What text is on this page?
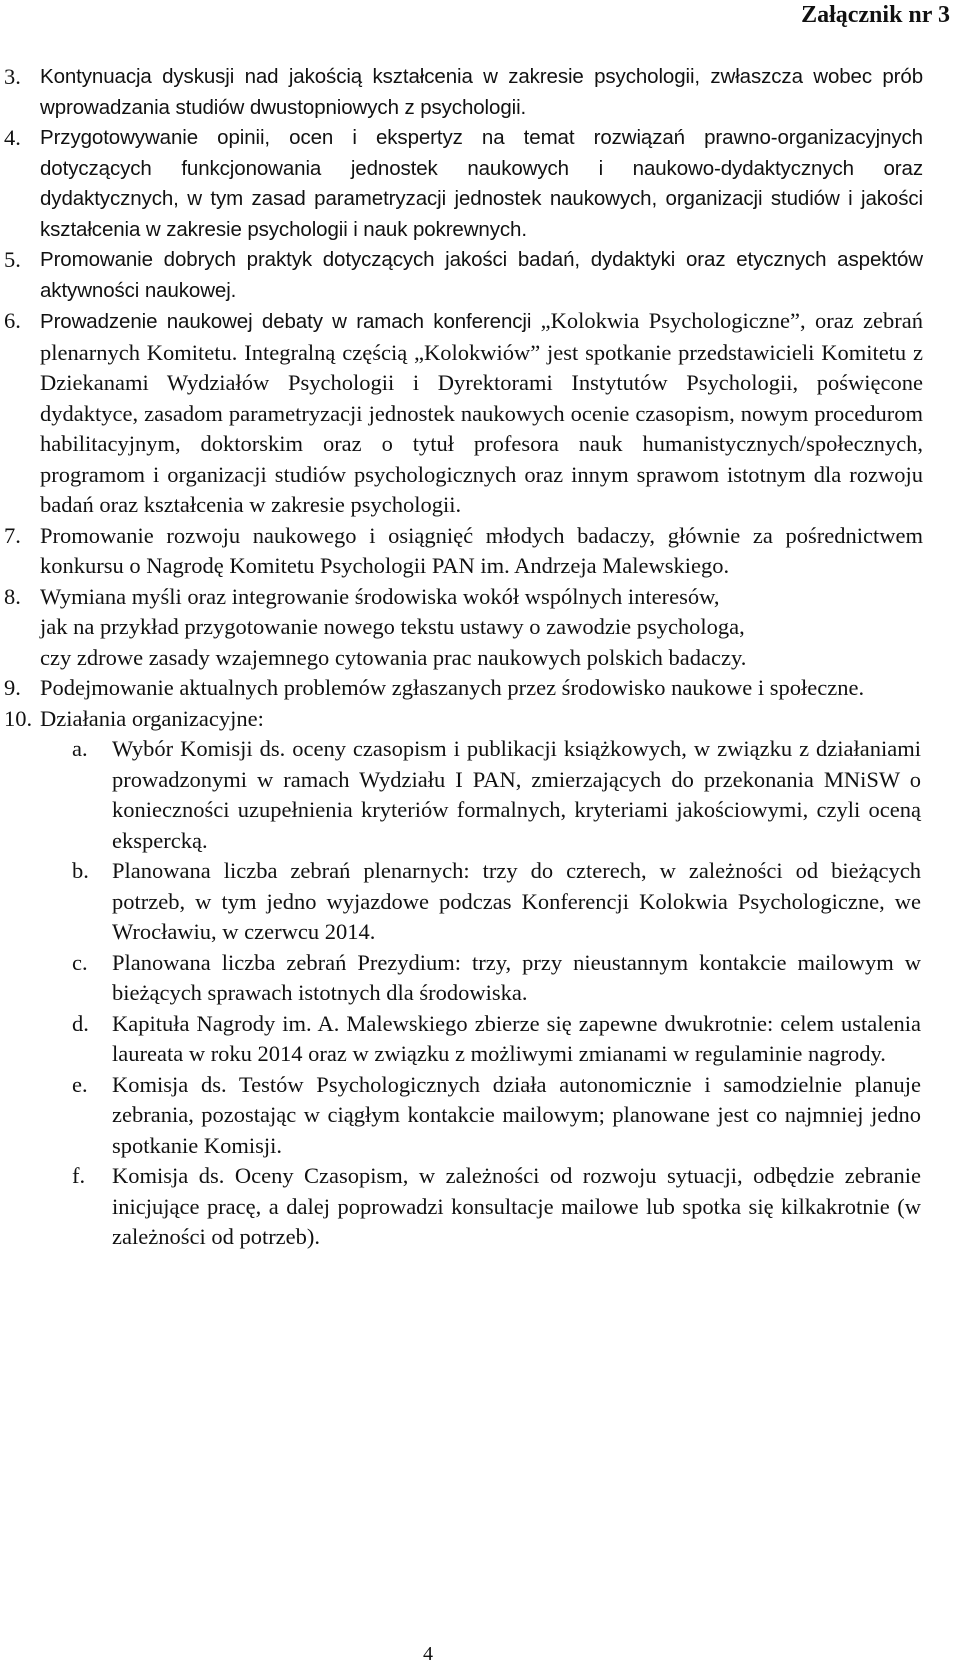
Załącznik nr 3
3. Kontynuacja dyskusji nad jakością kształcenia w zakresie psychologii, zwłaszcza wobec prób wprowadzania studiów dwustopniowych z psychologii.
4. Przygotowywanie opinii, ocen i ekspertyz na temat rozwiązań prawno-organizacyjnych dotyczących funkcjonowania jednostek naukowych i naukowo-dydaktycznych oraz dydaktycznych, w tym zasad parametryzacji jednostek naukowych, organizacji studiów i jakości kształcenia w zakresie psychologii i nauk pokrewnych.
5. Promowanie dobrych praktyk dotyczących jakości badań, dydaktyki oraz etycznych aspektów aktywności naukowej.
6. Prowadzenie naukowej debaty w ramach konferencji „Kolokwia Psychologiczne”, oraz zebrań plenarnych Komitetu. Integralną częścią „Kolokwiów” jest spotkanie przedstawicieli Komitetu z Dziekanami Wydziałów Psychologii i Dyrektorami Instytutów Psychologii, poświęcone dydaktyce, zasadom parametryzacji jednostek naukowych ocenie czasopism, nowym procedurom habilitacyjnym, doktorskim oraz o tytuł profesora nauk humanistycznych/społecznych, programom i organizacji studiów psychologicznych oraz innym sprawom istotnym dla rozwoju badań oraz kształcenia w zakresie psychologii.
7. Promowanie rozwoju naukowego i osiągnięć młodych badaczy, głównie za pośrednictwem konkursu o Nagrodę Komitetu Psychologii PAN im. Andrzeja Malewskiego.
8. Wymiana myśli oraz integrowanie środowiska wokół wspólnych interesów,
jak na przykład przygotowanie nowego tekstu ustawy o zawodzie psychologa,
czy zdrowe zasady wzajemnego cytowania prac naukowych polskich badaczy.
9. Podejmowanie aktualnych problemów zgłaszanych przez środowisko naukowe i społeczne.
10. Działania organizacyjne:
a.	Wybór Komisji ds. oceny czasopism i publikacji książkowych, w związku z działaniami prowadzonymi w ramach Wydziału I PAN, zmierzających do przekonania MNiSW o konieczności uzupełnienia kryteriów formalnych, kryteriami jakościowymi, czyli oceną ekspercką.
b.	Planowana liczba zebrań plenarnych: trzy do czterech, w zależności od bieżących potrzeb, w tym jedno wyjazdowe podczas Konferencji Kolokwia Psychologiczne, we Wrocławiu, w czerwcu 2014.
c.	Planowana liczba zebrań Prezydium: trzy, przy nieustannym kontakcie mailowym w bieżących sprawach istotnych dla środowiska.
d.	Kapituła Nagrody im. A. Malewskiego zbierze się zapewne dwukrotnie: celem ustalenia laureata w roku 2014 oraz w związku z możliwymi zmianami w regulaminie nagrody.
e.	Komisja ds. Testów Psychologicznych działa autonomicznie i samodzielnie planuje zebrania, pozostając w ciągłym kontakcie mailowym; planowane jest co najmniej jedno spotkanie Komisji.
f.	Komisja ds. Oceny Czasopism, w zależności od rozwoju sytuacji, odbędzie zebranie inicjujące pracę, a dalej poprowadzi konsultacje mailowe lub spotka się kilkakrotnie (w zależności od potrzeb).
4
